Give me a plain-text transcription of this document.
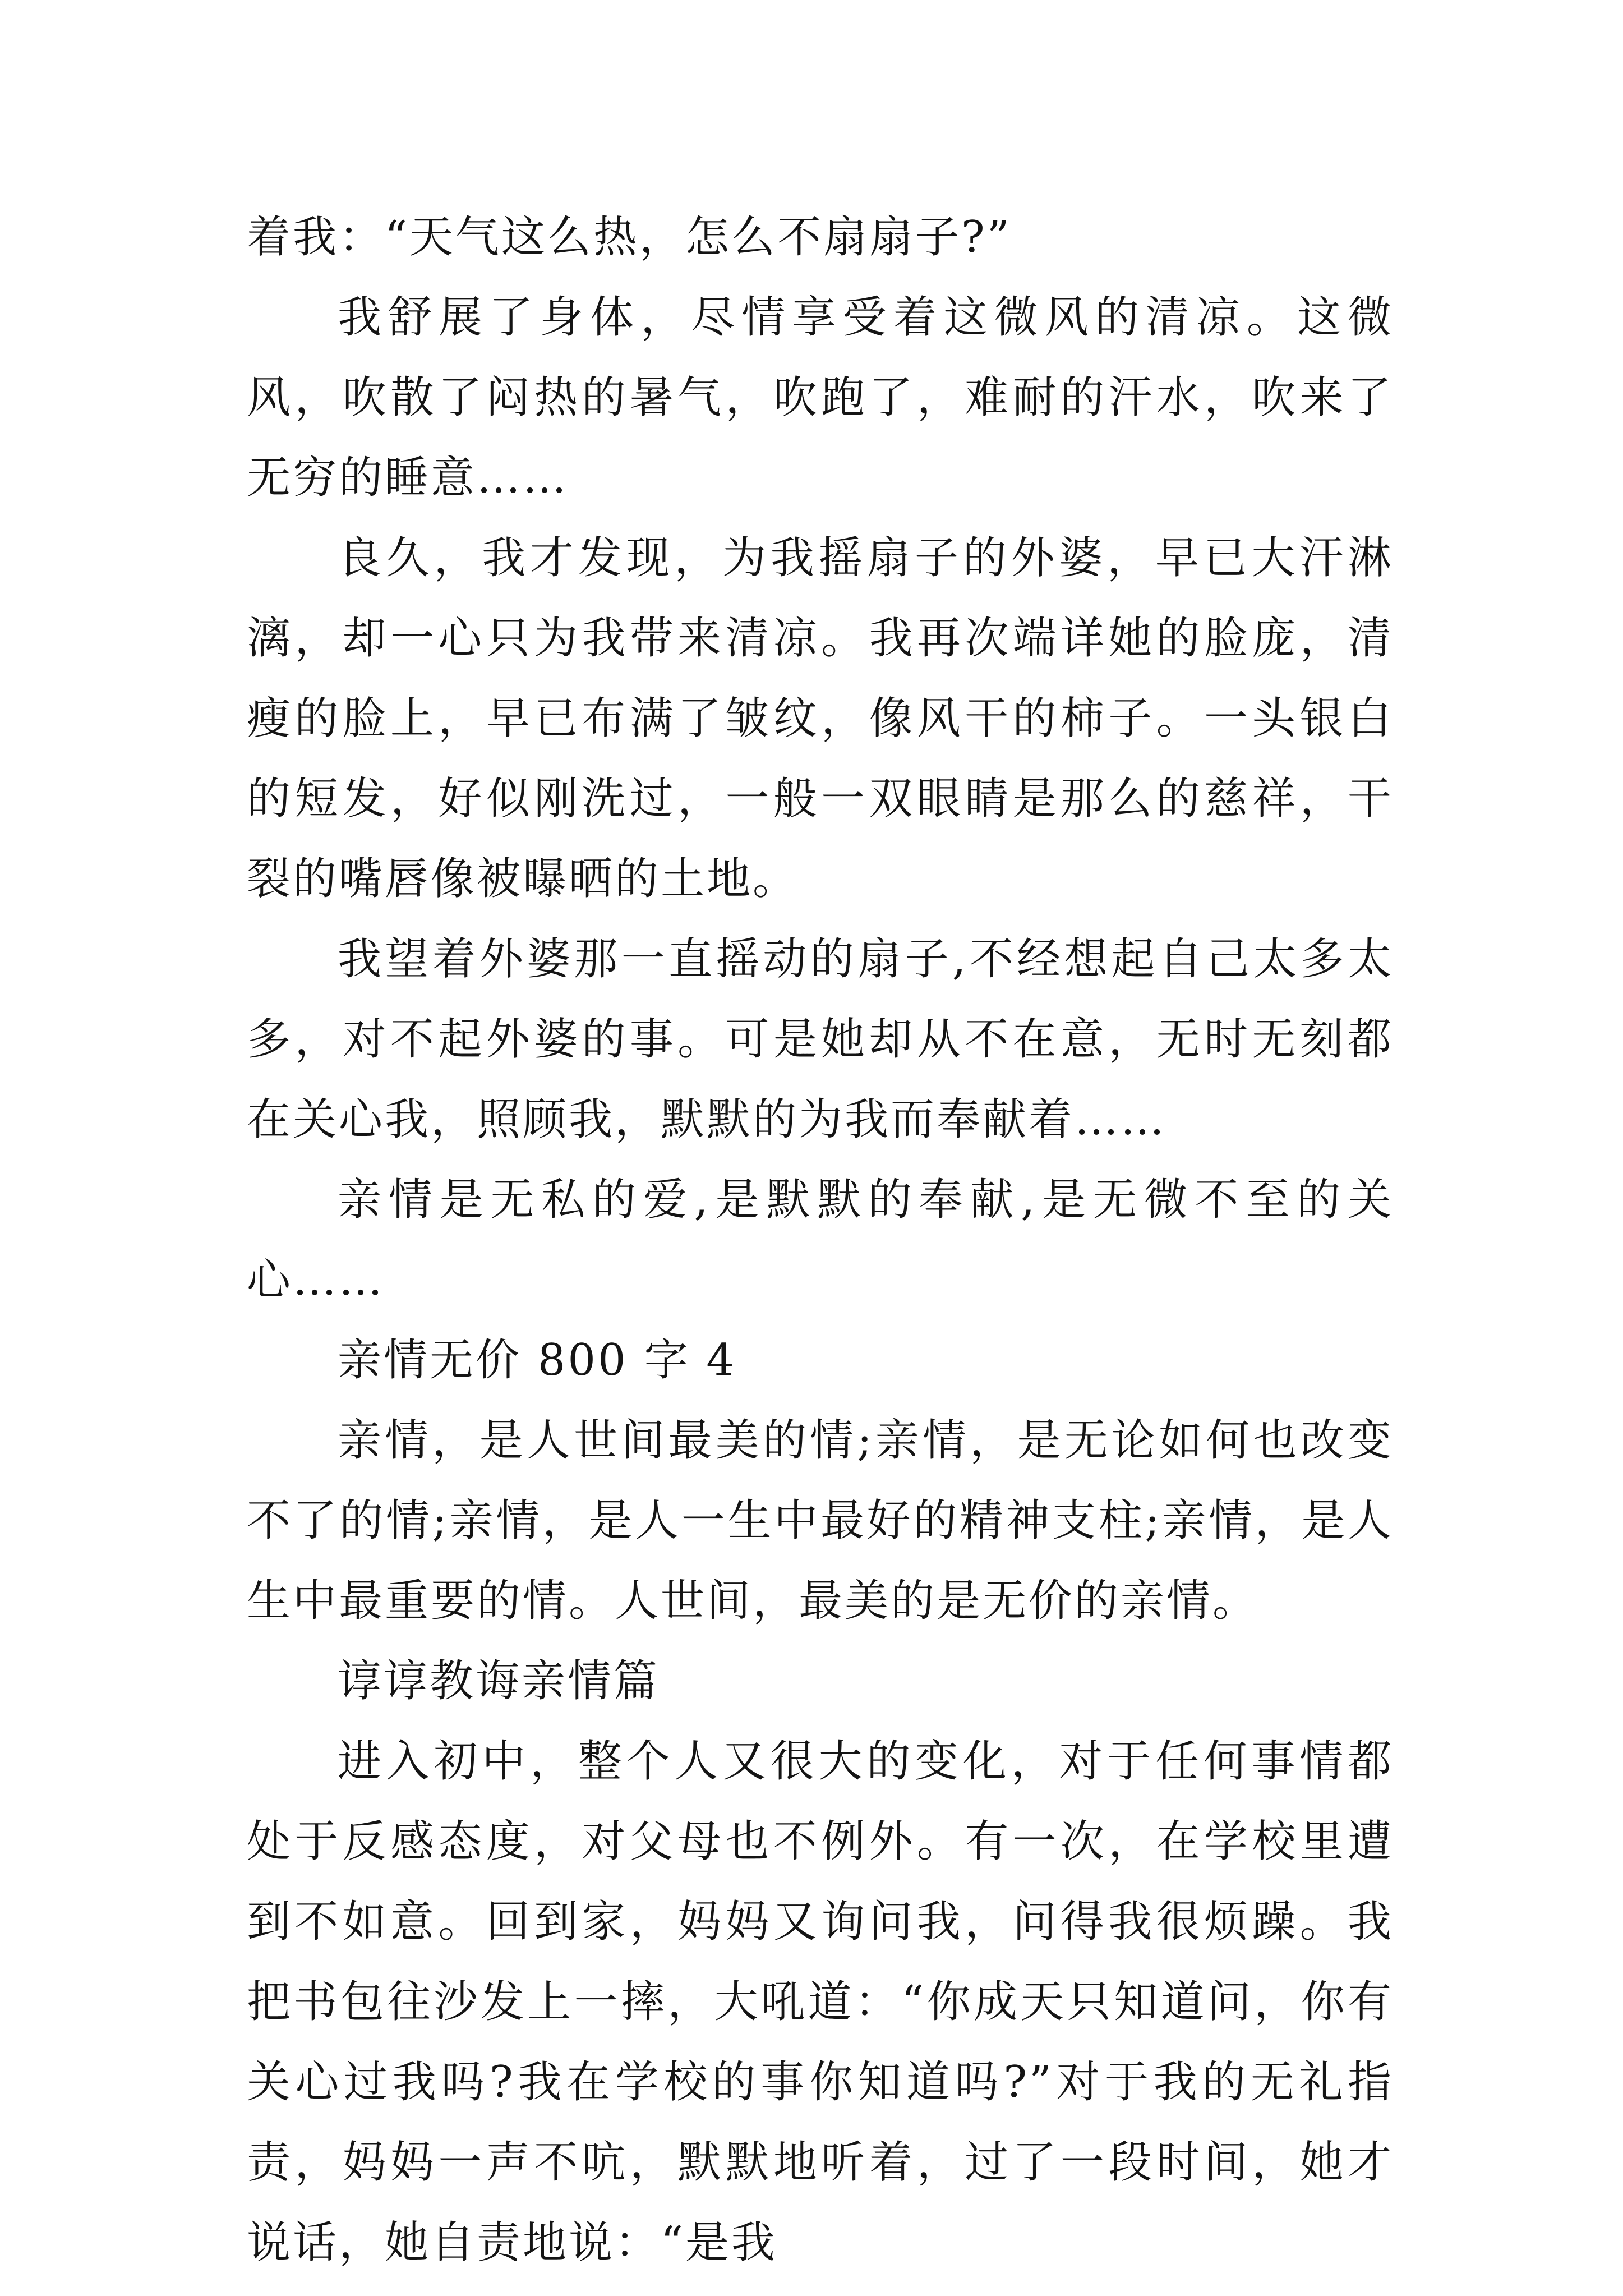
着我：“天气这么热，怎么不扇扇子?”

我舒展了身体，尽情享受着这微风的清凉。这微风，吹散了闷热的暑气，吹跑了，难耐的汗水，吹来了无穷的睡意……

良久，我才发现，为我摇扇子的外婆，早已大汗淋漓，却一心只为我带来清凉。我再次端详她的脸庞，清瘦的脸上，早已布满了皱纹，像风干的柿子。一头银白的短发，好似刚洗过，一般一双眼睛是那么的慈祥，干裂的嘴唇像被曝晒的土地。

我望着外婆那一直摇动的扇子,不经想起自己太多太多，对不起外婆的事。可是她却从不在意，无时无刻都在关心我，照顾我，默默的为我而奉献着……

亲情是无私的爱,是默默的奉献,是无微不至的关心……

亲情无价 800 字 4

亲情，是人世间最美的情;亲情，是无论如何也改变不了的情;亲情，是人一生中最好的精神支柱;亲情，是人生中最重要的情。人世间，最美的是无价的亲情。

谆谆教诲亲情篇

进入初中，整个人又很大的变化，对于任何事情都处于反感态度，对父母也不例外。有一次，在学校里遭到不如意。回到家，妈妈又询问我，问得我很烦躁。我把书包往沙发上一摔，大吼道：“你成天只知道问，你有关心过我吗?我在学校的事你知道吗?”对于我的无礼指责，妈妈一声不吭，默默地听着，过了一段时间，她才说话，她自责地说：“是我
